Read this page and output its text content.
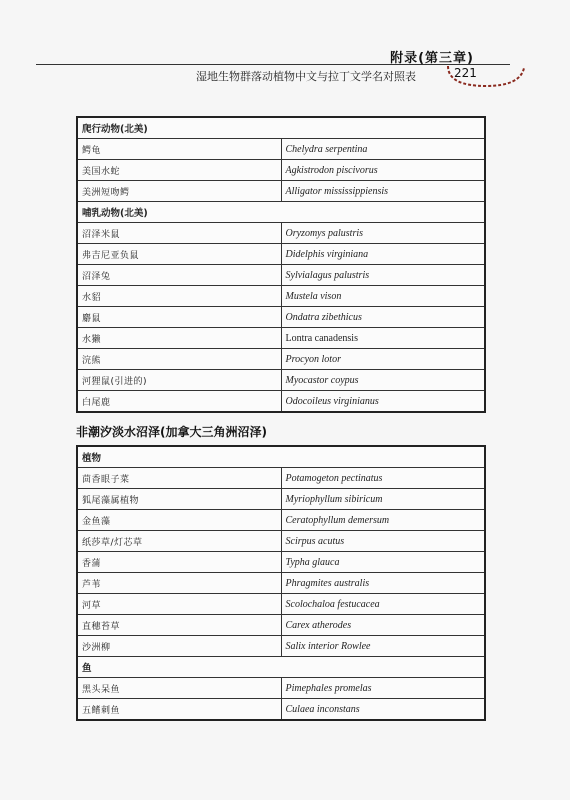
附录(第三章)
湿地生物群落动植物中文与拉丁文学名对照表	221
爬行动物(北美)	
鳄龟	Chelydra serpentina
美国水蛇	Agkistrodon piscivorus
美洲短吻鳄	Alligator mississippiensis
哺乳动物(北美)	
沼泽米鼠	Oryzomys palustris
弗吉尼亚负鼠	Didelphis virginiana
沼泽兔	Sylvialagus palustris
水貂	Mustela vison
麝鼠	Ondatra zibethicus
水獭	Lontra canadensis
浣熊	Procyon lotor
河狸鼠(引进的)	Myocastor coypus
白尾鹿	Odocoileus virginianus
非潮汐淡水沼泽(加拿大三角洲沼泽)
植物	
茴香眼子菜	Potamogeton pectinatus
狐尾藻属植物	Myriophyllum sibiricum
金鱼藻	Ceratophyllum demersum
纸莎草/灯芯草	Scirpus acutus
香蒲	Typha glauca
芦苇	Phragmites australis
河草	Scolochaloa festucacea
直穗苔草	Carex atherodes
沙洲柳	Salix interior Rowlee
鱼	
黑头呆鱼	Pimephales promelas
五鳍刺鱼	Culaea inconstans
